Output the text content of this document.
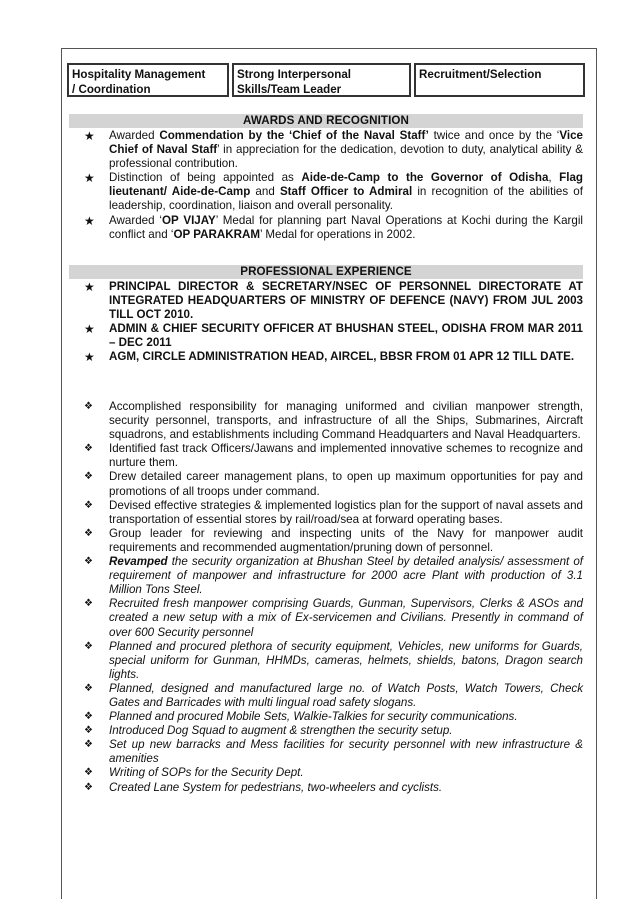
Hospitality Management
/ Coordination
Strong Interpersonal
Skills/Team Leader
Recruitment/Selection
AWARDS AND RECOGNITION
★ Awarded Commendation by the ‘Chief of the Naval Staff’ twice and once by the ‘Vice Chief of Naval Staff’ in appreciation for the dedication, devotion to duty, analytical ability & professional contribution.
★ Distinction of being appointed as Aide-de-Camp to the Governor of Odisha, Flag lieutenant/ Aide-de-Camp and Staff Officer to Admiral in recognition of the abilities of leadership, coordination, liaison and overall personality.
★ Awarded ‘OP VIJAY’ Medal for planning part Naval Operations at Kochi during the Kargil conflict and ‘OP PARAKRAM’ Medal for operations in 2002.
PROFESSIONAL EXPERIENCE
★ PRINCIPAL DIRECTOR & SECRETARY/NSEC OF PERSONNEL DIRECTORATE AT INTEGRATED HEADQUARTERS OF MINISTRY OF DEFENCE (NAVY) FROM JUL 2003 TILL OCT 2010.
★ ADMIN & CHIEF SECURITY OFFICER AT BHUSHAN STEEL, ODISHA FROM MAR 2011 – DEC 2011
★ AGM, CIRCLE ADMINISTRATION HEAD, AIRCEL, BBSR FROM 01 APR 12 TILL DATE.
❖	Accomplished responsibility for managing uniformed and civilian manpower strength, security personnel, transports, and infrastructure of all the Ships, Submarines, Aircraft squadrons, and establishments including Command Headquarters and Naval Headquarters.
❖	Identified fast track Officers/Jawans and implemented innovative schemes to recognize and nurture them.
❖	Drew detailed career management plans, to open up maximum opportunities for pay and promotions of all troops under command.
❖	Devised effective strategies & implemented logistics plan for the support of naval assets and transportation of essential stores by rail/road/sea at forward operating bases.
❖	Group leader for reviewing and inspecting units of the Navy for manpower audit requirements and recommended augmentation/pruning down of personnel.
❖	Revamped the security organization at Bhushan Steel by detailed analysis/ assessment of requirement of manpower and infrastructure for 2000 acre Plant with production of 3.1 Million Tons Steel.
❖	Recruited fresh manpower comprising Guards, Gunman, Supervisors, Clerks & ASOs and created a new setup with a mix of Ex-servicemen and Civilians. Presently in command of over 600 Security personnel
❖	Planned and procured plethora of security equipment, Vehicles, new uniforms for Guards, special uniform for Gunman, HHMDs, cameras, helmets, shields, batons, Dragon search lights.
❖	Planned, designed and manufactured large no. of Watch Posts, Watch Towers, Check Gates and Barricades with multi lingual road safety slogans.
❖	Planned and procured Mobile Sets, Walkie-Talkies for security communications.
❖	Introduced Dog Squad to augment & strengthen the security setup.
❖	Set up new barracks and Mess facilities for security personnel with new infrastructure & amenities
❖	Writing of SOPs for the Security Dept.
❖	Created Lane System for pedestrians, two-wheelers and cyclists.
